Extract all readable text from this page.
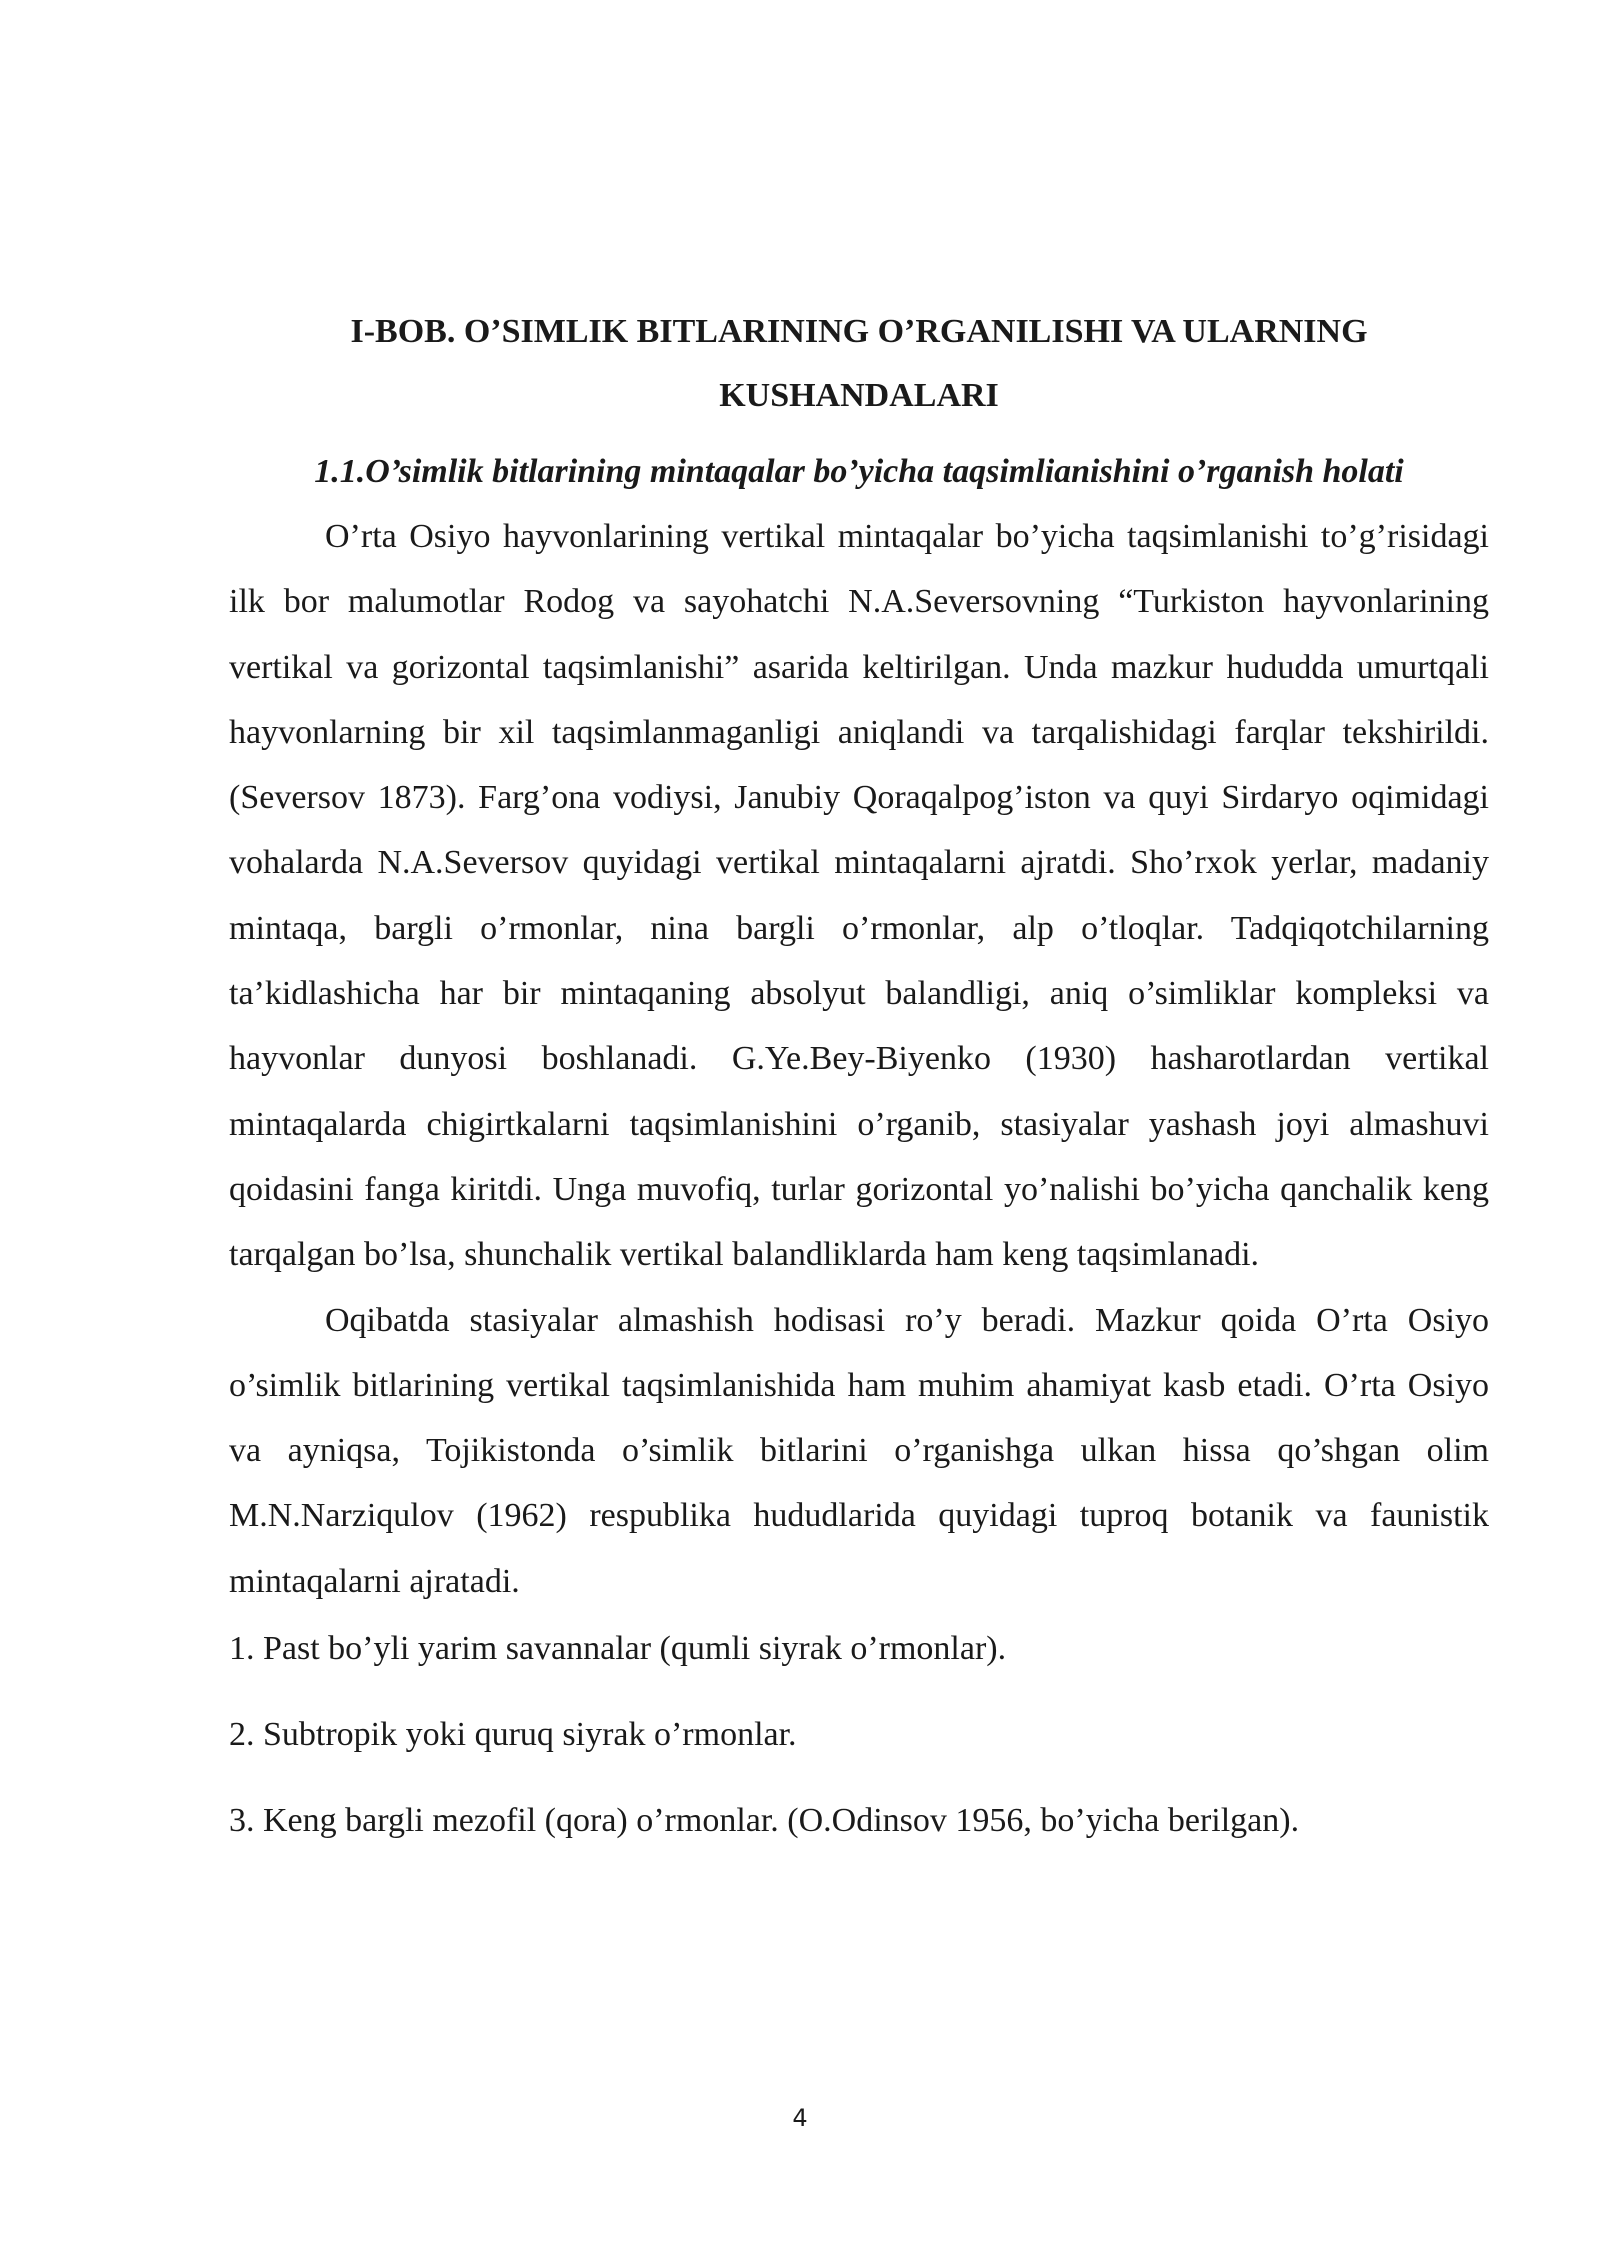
I-BOB. O’SIMLIK BITLARINING O’RGANILISHI VA ULARNING KUSHANDALARI
1.1.O’simlik bitlarining mintaqalar bo’yicha taqsimlianishini o’rganish holati

O’rta Osiyo hayvonlarining vertikal mintaqalar bo’yicha taqsimlanishi to’g’risidagi ilk bor malumotlar Rodog va sayohatchi N.A.Seversovning “Turkiston hayvonlarining vertikal va gorizontal taqsimlanishi” asarida keltirilgan. Unda mazkur hududda umurtqali hayvonlarning bir xil taqsimlanmaganligi aniqlandi va tarqalishidagi farqlar tekshirildi. (Seversov 1873). Farg’ona vodiysi, Janubiy Qoraqalpog’iston va quyi Sirdaryo oqimidagi vohalarda N.A.Seversov quyidagi vertikal mintaqalarni ajratdi. Sho’rxok yerlar, madaniy mintaqa, bargli o’rmonlar, nina bargli o’rmonlar, alp o’tloqlar. Tadqiqotchilarning ta’kidlashicha har bir mintaqaning absolyut balandligi, aniq o’simliklar kompleksi va hayvonlar dunyosi boshlanadi. G.Ye.Bey-Biyenko (1930) hasharotlardan vertikal mintaqalarda chigirtkalarni taqsimlanishini o’rganib, stasiyalar yashash joyi almashuvi qoidasini fanga kiritdi. Unga muvofiq, turlar gorizontal yo’nalishi bo’yicha qanchalik keng tarqalgan bo’lsa, shunchalik vertikal balandliklarda ham keng taqsimlanadi.

Oqibatda stasiyalar almashish hodisasi ro’y beradi. Mazkur qoida O’rta Osiyo o’simlik bitlarining vertikal taqsimlanishida ham muhim ahamiyat kasb etadi. O’rta Osiyo va ayniqsa, Tojikistonda o’simlik bitlarini o’rganishga ulkan hissa qo’shgan olim M.N.Narziqulov (1962) respublika hududlarida quyidagi tuproq botanik va faunistik mintaqalarni ajratadi.

1. Past bo’yli yarim savannalar (qumli siyrak o’rmonlar).
2. Subtropik yoki quruq siyrak o’rmonlar.
3. Keng bargli mezofil (qora) o’rmonlar. (O.Odinsov 1956, bo’yicha berilgan).
4
